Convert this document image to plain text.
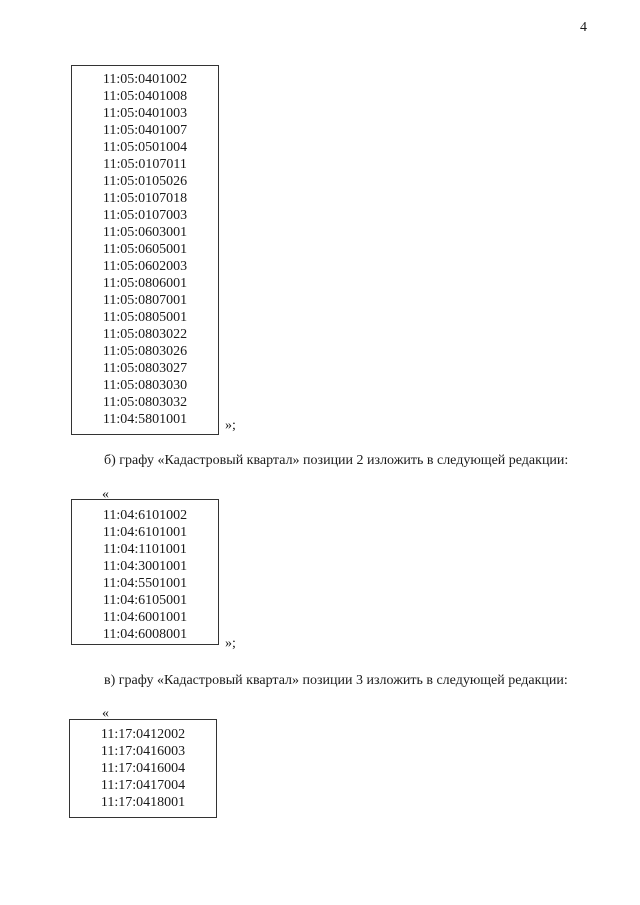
4
11:05:0401002
11:05:0401008
11:05:0401003
11:05:0401007
11:05:0501004
11:05:0107011
11:05:0105026
11:05:0107018
11:05:0107003
11:05:0603001
11:05:0605001
11:05:0602003
11:05:0806001
11:05:0807001
11:05:0805001
11:05:0803022
11:05:0803026
11:05:0803027
11:05:0803030
11:05:0803032
11:04:5801001	»;
б) графу «Кадастровый квартал» позиции 2 изложить в следующей редакции:
«
11:04:6101002
11:04:6101001
11:04:1101001
11:04:3001001
11:04:5501001
11:04:6105001
11:04:6001001
11:04:6008001
»;
в) графу «Кадастровый квартал» позиции 3 изложить в следующей редакции:
«
11:17:0412002
11:17:0416003
11:17:0416004
11:17:0417004
11:17:0418001
